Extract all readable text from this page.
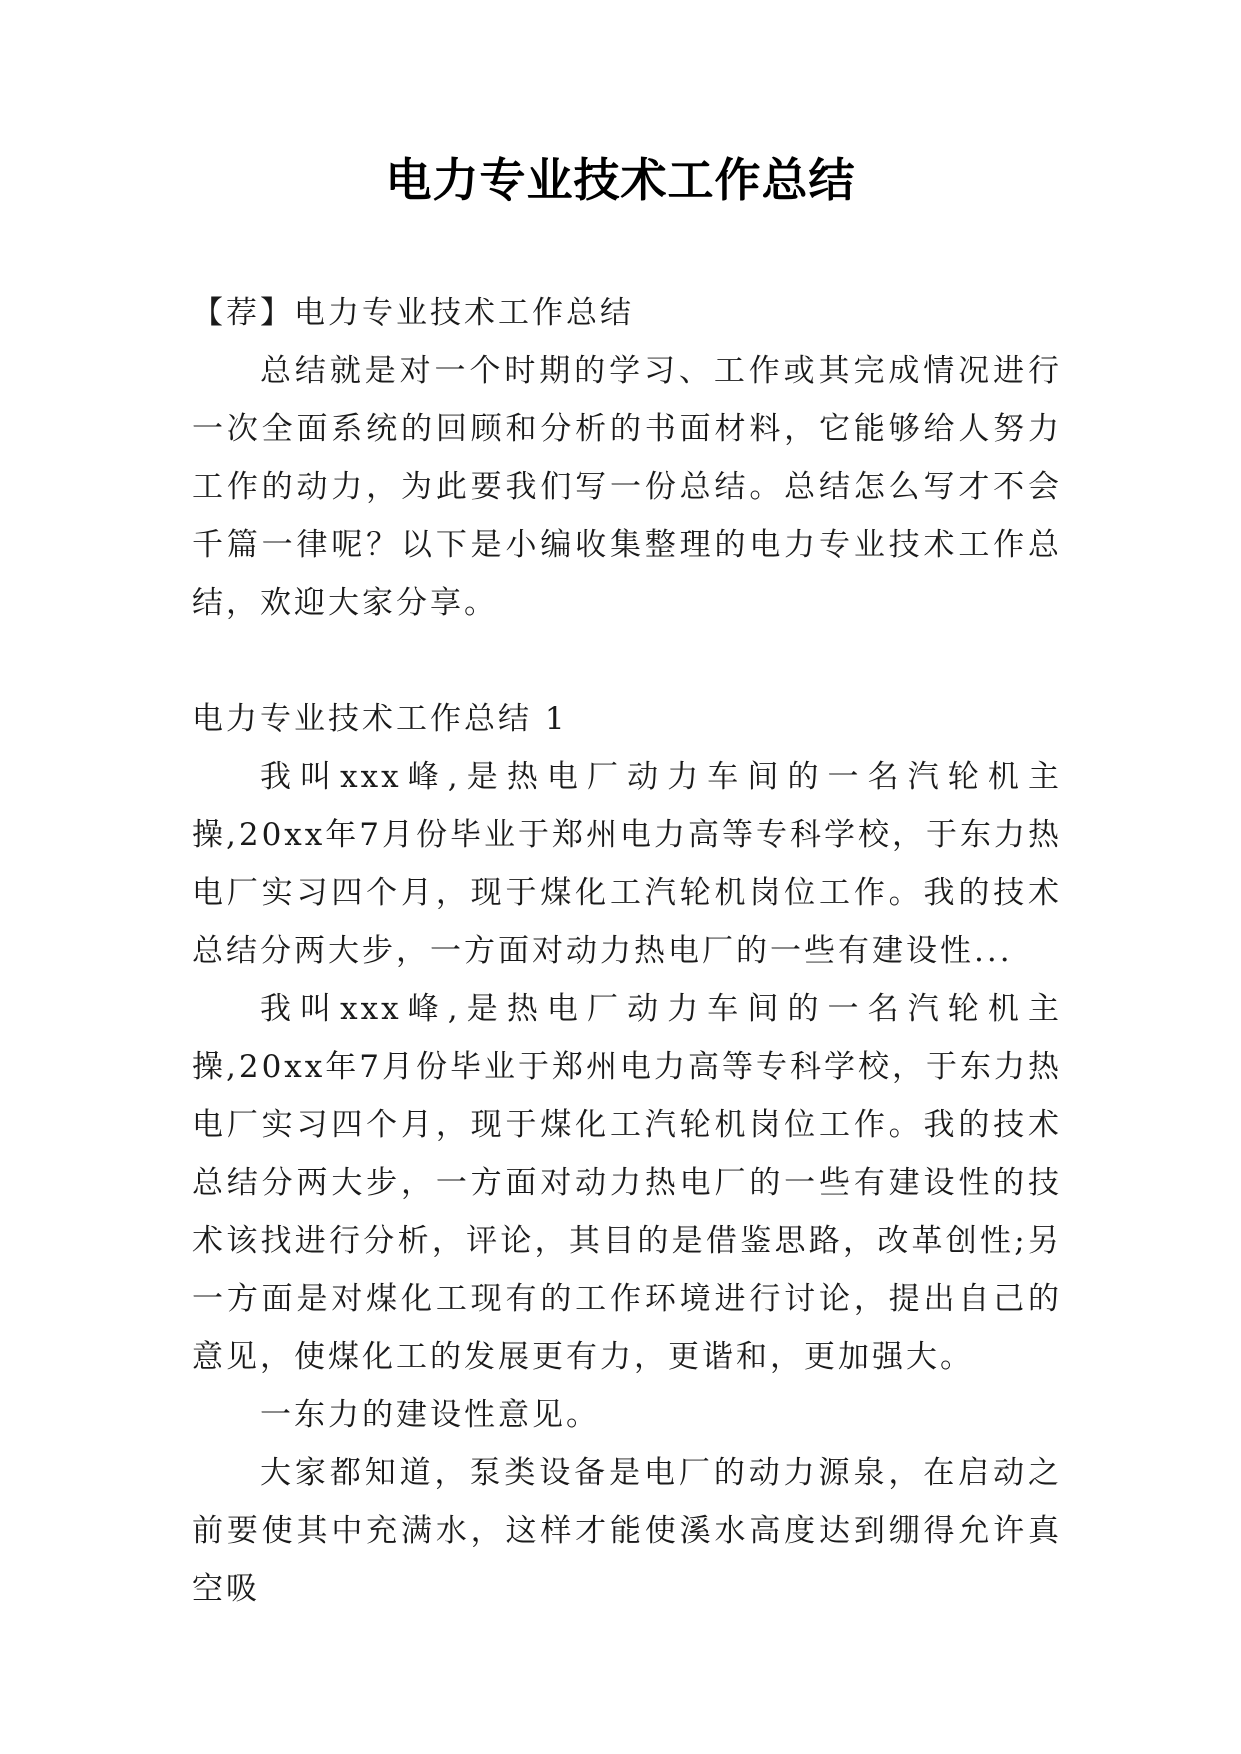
电力专业技术工作总结

【荐】电力专业技术工作总结

总结就是对一个时期的学习、工作或其完成情况进行一次全面系统的回顾和分析的书面材料，它能够给人努力工作的动力，为此要我们写一份总结。总结怎么写才不会千篇一律呢？以下是小编收集整理的电力专业技术工作总结，欢迎大家分享。

电力专业技术工作总结 1

我叫xxx峰,是热电厂动力车间的一名汽轮机主操,20xx年7月份毕业于郑州电力高等专科学校，于东力热电厂实习四个月，现于煤化工汽轮机岗位工作。我的技术总结分两大步，一方面对动力热电厂的一些有建设性...

我叫xxx峰,是热电厂动力车间的一名汽轮机主操,20xx年7月份毕业于郑州电力高等专科学校，于东力热电厂实习四个月，现于煤化工汽轮机岗位工作。我的技术总结分两大步，一方面对动力热电厂的一些有建设性的技术该找进行分析，评论，其目的是借鉴思路，改革创性;另一方面是对煤化工现有的工作环境进行讨论，提出自己的意见，使煤化工的发展更有力，更谐和，更加强大。

一东力的建设性意见。

大家都知道，泵类设备是电厂的动力源泉，在启动之前要使其中充满水，这样才能使溪水高度达到绷得允许真空吸
